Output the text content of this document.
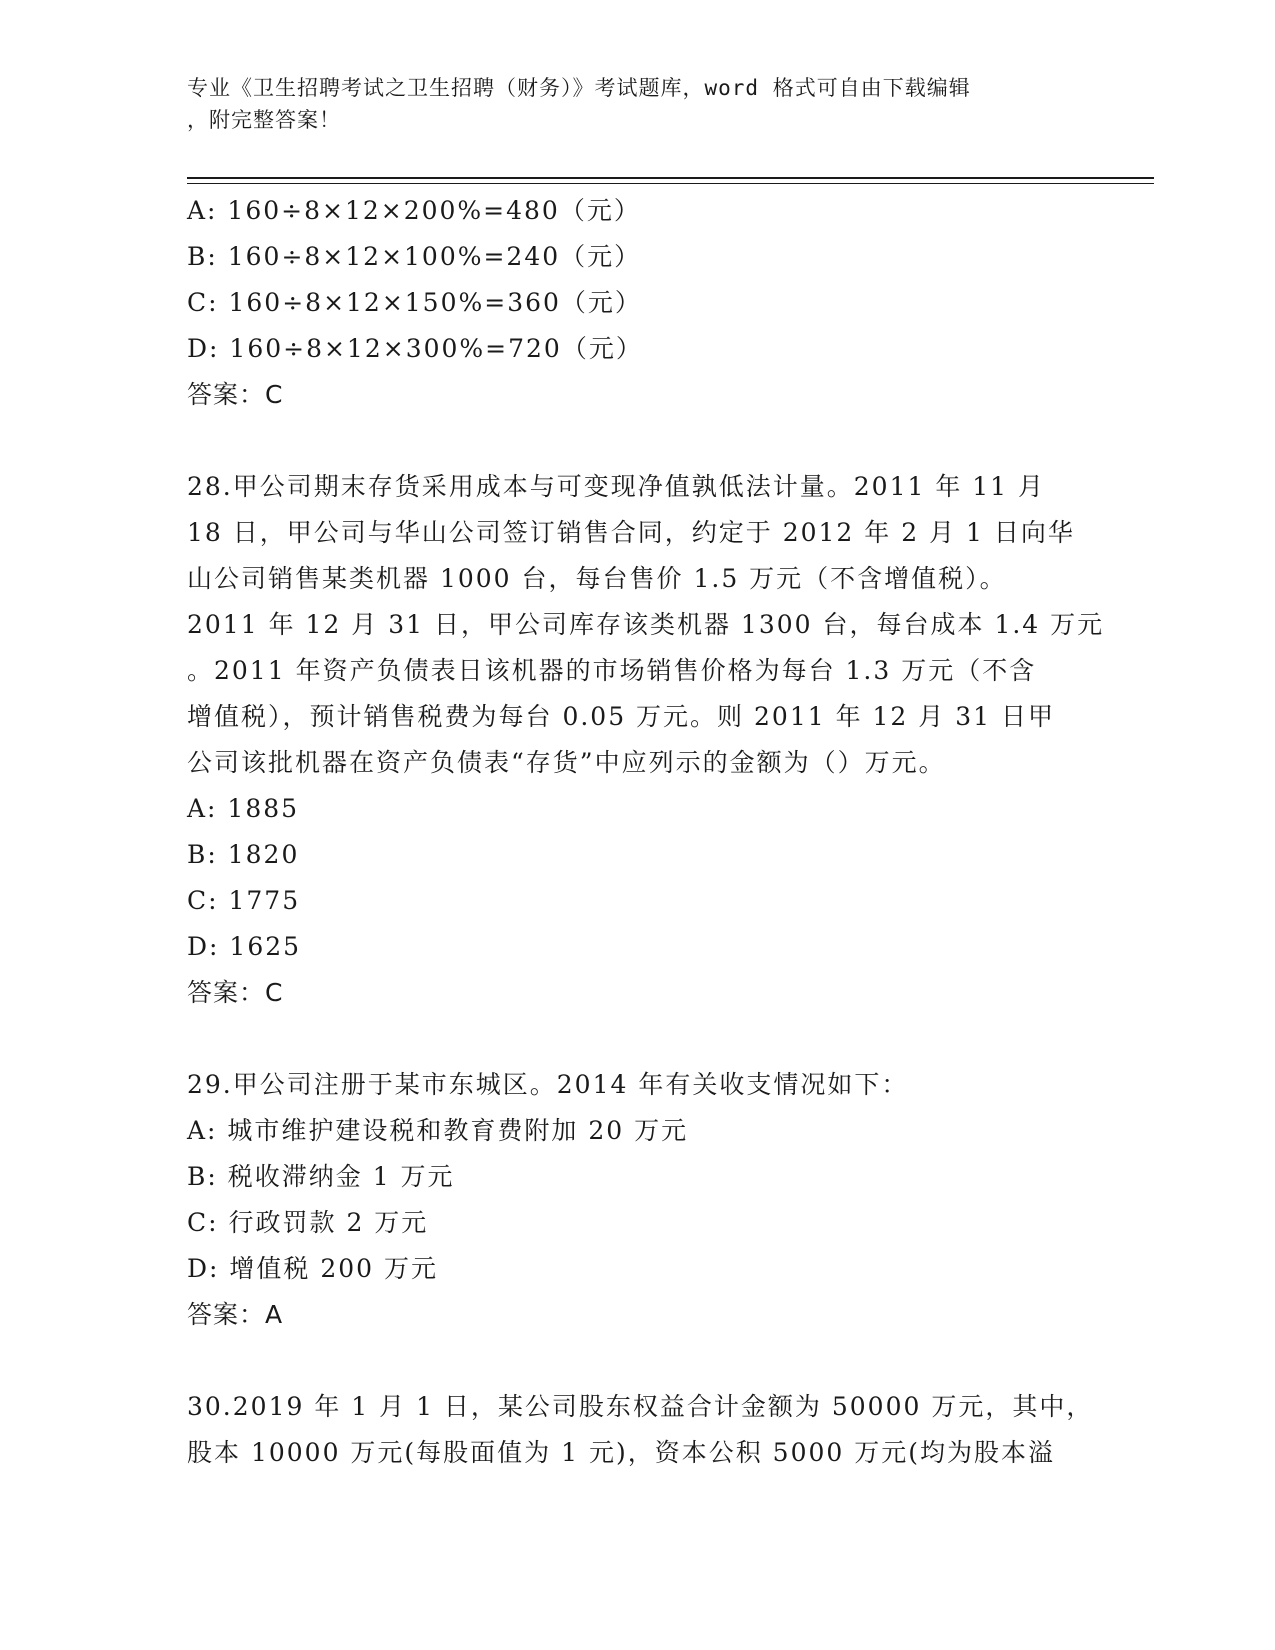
专业《卫生招聘考试之卫生招聘（财务）》考试题库，word 格式可自由下载编辑
，附完整答案！
A: 160÷8×12×200%=480（元）
B: 160÷8×12×100%=240（元）
C: 160÷8×12×150%=360（元）
D: 160÷8×12×300%=720（元）
答案：C
28.甲公司期末存货采用成本与可变现净值孰低法计量。2011 年 11 月
18 日，甲公司与华山公司签订销售合同，约定于 2012 年 2 月 1 日向华
山公司销售某类机器 1000 台，每台售价 1.5 万元（不含增值税）。
2011 年 12 月 31 日，甲公司库存该类机器 1300 台，每台成本 1.4 万元
。2011 年资产负债表日该机器的市场销售价格为每台 1.3 万元（不含
增值税），预计销售税费为每台 0.05 万元。则 2011 年 12 月 31 日甲
公司该批机器在资产负债表“存货”中应列示的金额为（）万元。
A: 1885
B: 1820
C: 1775
D: 1625
答案：C
29.甲公司注册于某市东城区。2014 年有关收支情况如下：
A: 城市维护建设税和教育费附加 20 万元
B: 税收滞纳金 1 万元
C: 行政罚款 2 万元
D: 增值税 200 万元
答案：A
30.2019 年 1 月 1 日，某公司股东权益合计金额为 50000 万元，其中，
股本 10000 万元(每股面值为 1 元)，资本公积 5000 万元(均为股本溢
